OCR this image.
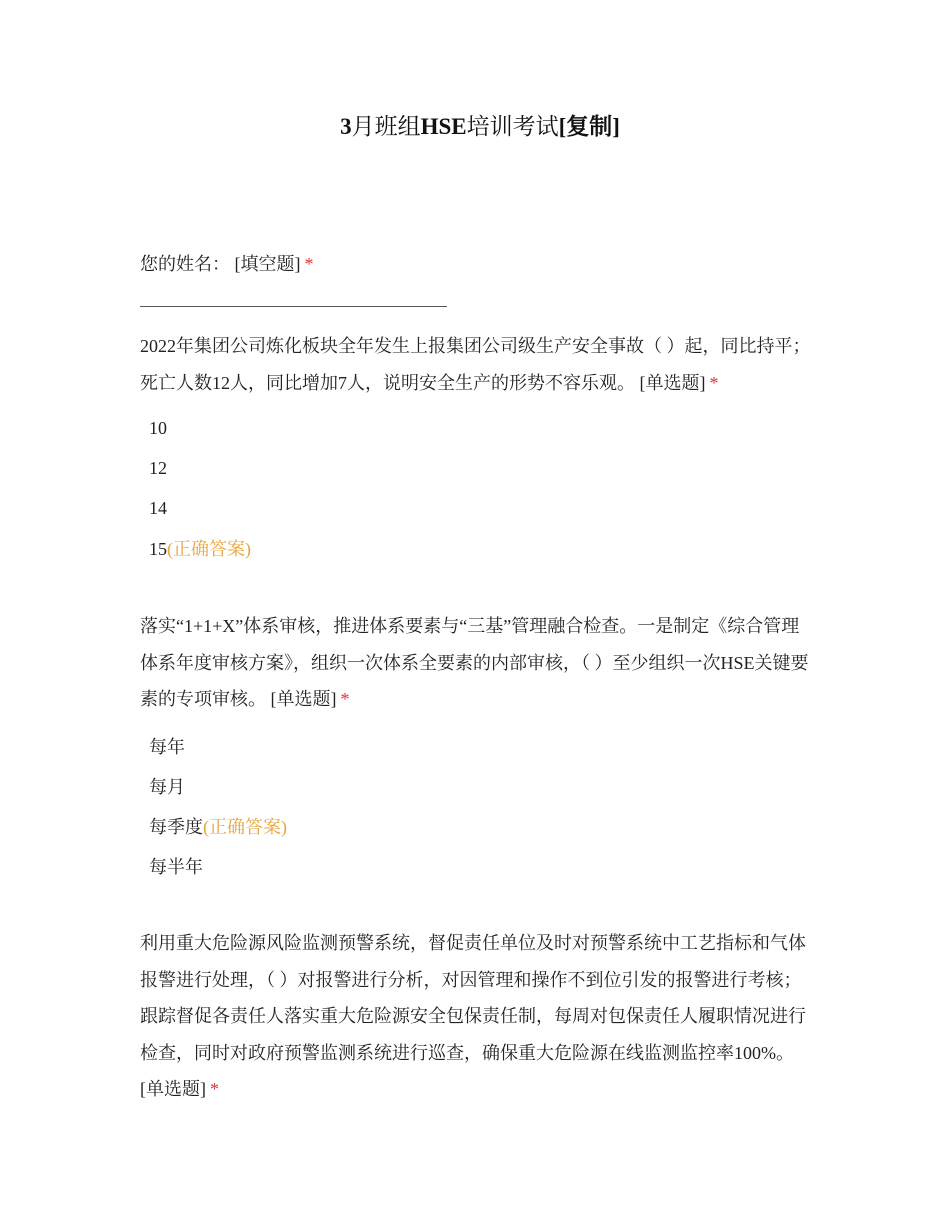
3月班组HSE培训考试[复制]
您的姓名： [填空题] *
2022年集团公司炼化板块全年发生上报集团公司级生产安全事故（ ）起，同比持平；死亡人数12人，同比增加7人，说明安全生产的形势不容乐观。 [单选题] *
10
12
14
15(正确答案)
落实“1+1+X”体系审核，推进体系要素与“三基”管理融合检查。一是制定《综合管理体系年度审核方案》，组织一次体系全要素的内部审核，（ ）至少组织一次HSE关键要素的专项审核。 [单选题] *
每年
每月
每季度(正确答案)
每半年
利用重大危险源风险监测预警系统，督促责任单位及时对预警系统中工艺指标和气体报警进行处理，（ ）对报警进行分析，对因管理和操作不到位引发的报警进行考核；跟踪督促各责任人落实重大危险源安全包保责任制，每周对包保责任人履职情况进行检查，同时对政府预警监测系统进行巡查，确保重大危险源在线监测监控率100%。 [单选题] *
